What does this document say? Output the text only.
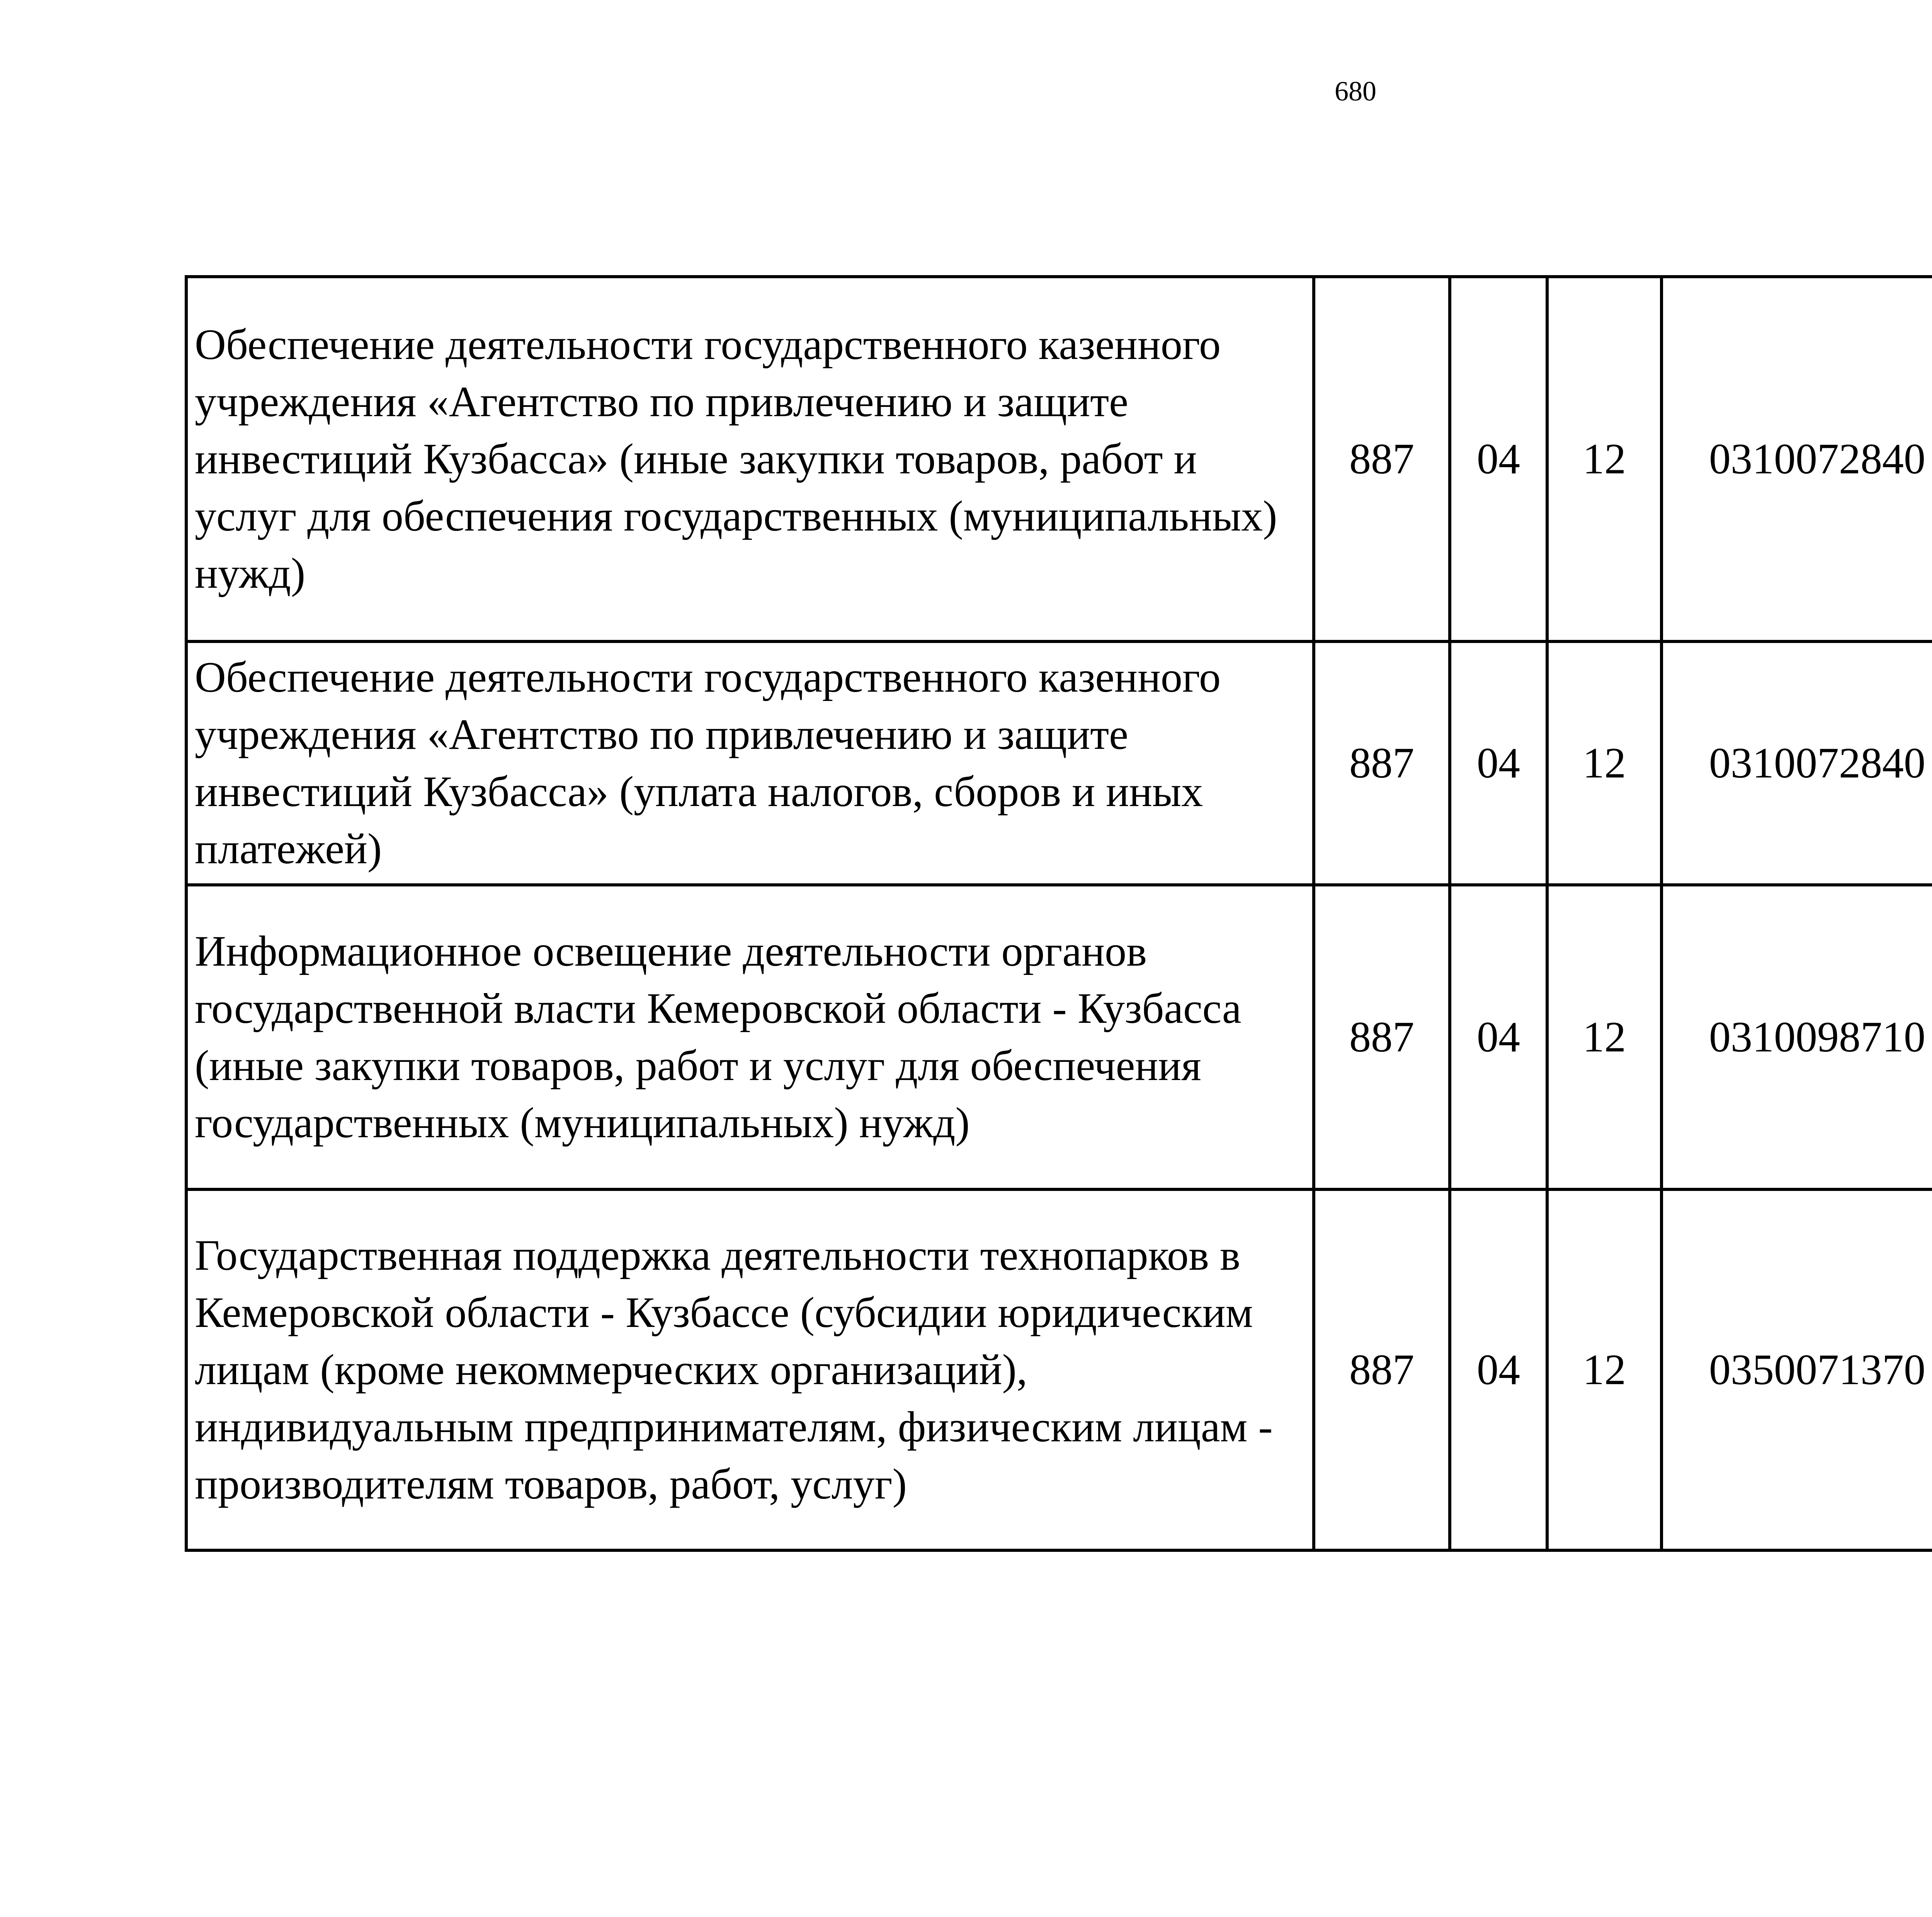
680
Обеспечение деятельности государственного казенного учреждения «Агентство по привлечению и защите инвестиций Кузбасса» (иные закупки товаров, работ и услуг для обеспечения государственных (муниципальных) нужд)	887	04	12	0310072840		
Обеспечение деятельности государственного казенного учреждения «Агентство по привлечению и защите инвестиций Кузбасса» (уплата налогов, сборов и иных платежей)	887	04	12	0310072840		
Информационное освещение деятельности органов государственной власти Кемеровской области - Кузбасса (иные закупки товаров, работ и услуг для обеспечения государственных (муниципальных) нужд)	887	04	12	0310098710		
Государственная поддержка деятельности технопарков в Кемеровской области - Кузбассе (субсидии юридическим лицам (кроме некоммерческих организаций), индивидуальным предпринимателям, физическим лицам - производителям товаров, работ, услуг)	887	04	12	0350071370		
